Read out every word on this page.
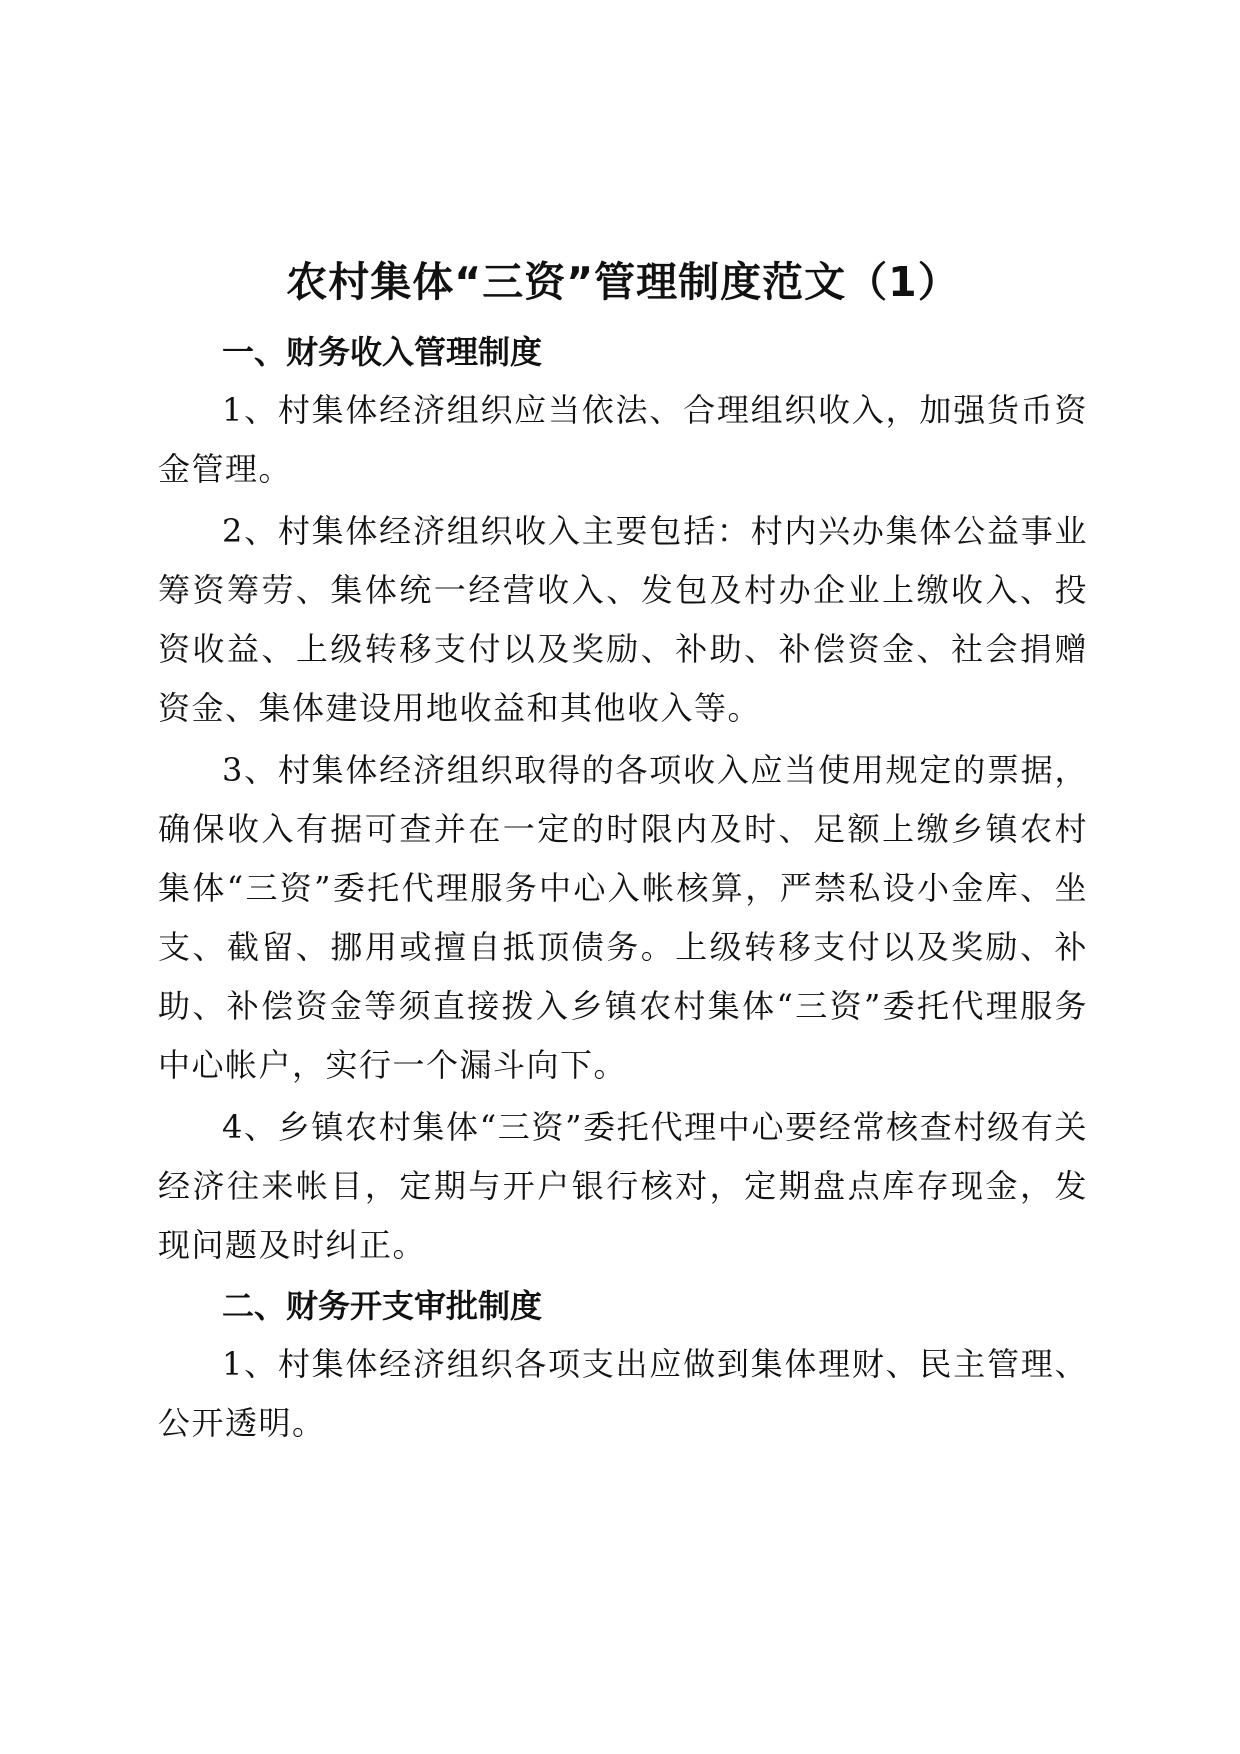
农村集体“三资”管理制度范文（1）
一、财务收入管理制度

1、村集体经济组织应当依法、合理组织收入，加强货币资金管理。

2、村集体经济组织收入主要包括：村内兴办集体公益事业筹资筹劳、集体统一经营收入、发包及村办企业上缴收入、投资收益、上级转移支付以及奖励、补助、补偿资金、社会捐赠资金、集体建设用地收益和其他收入等。

3、村集体经济组织取得的各项收入应当使用规定的票据，确保收入有据可查并在一定的时限内及时、足额上缴乡镇农村集体“三资”委托代理服务中心入帐核算，严禁私设小金库、坐支、截留、挪用或擅自抵顶债务。上级转移支付以及奖励、补助、补偿资金等须直接拨入乡镇农村集体“三资”委托代理服务中心帐户，实行一个漏斗向下。

4、乡镇农村集体“三资”委托代理中心要经常核查村级有关经济往来帐目，定期与开户银行核对，定期盘点库存现金，发现问题及时纠正。

二、财务开支审批制度

1、村集体经济组织各项支出应做到集体理财、民主管理、公开透明。
